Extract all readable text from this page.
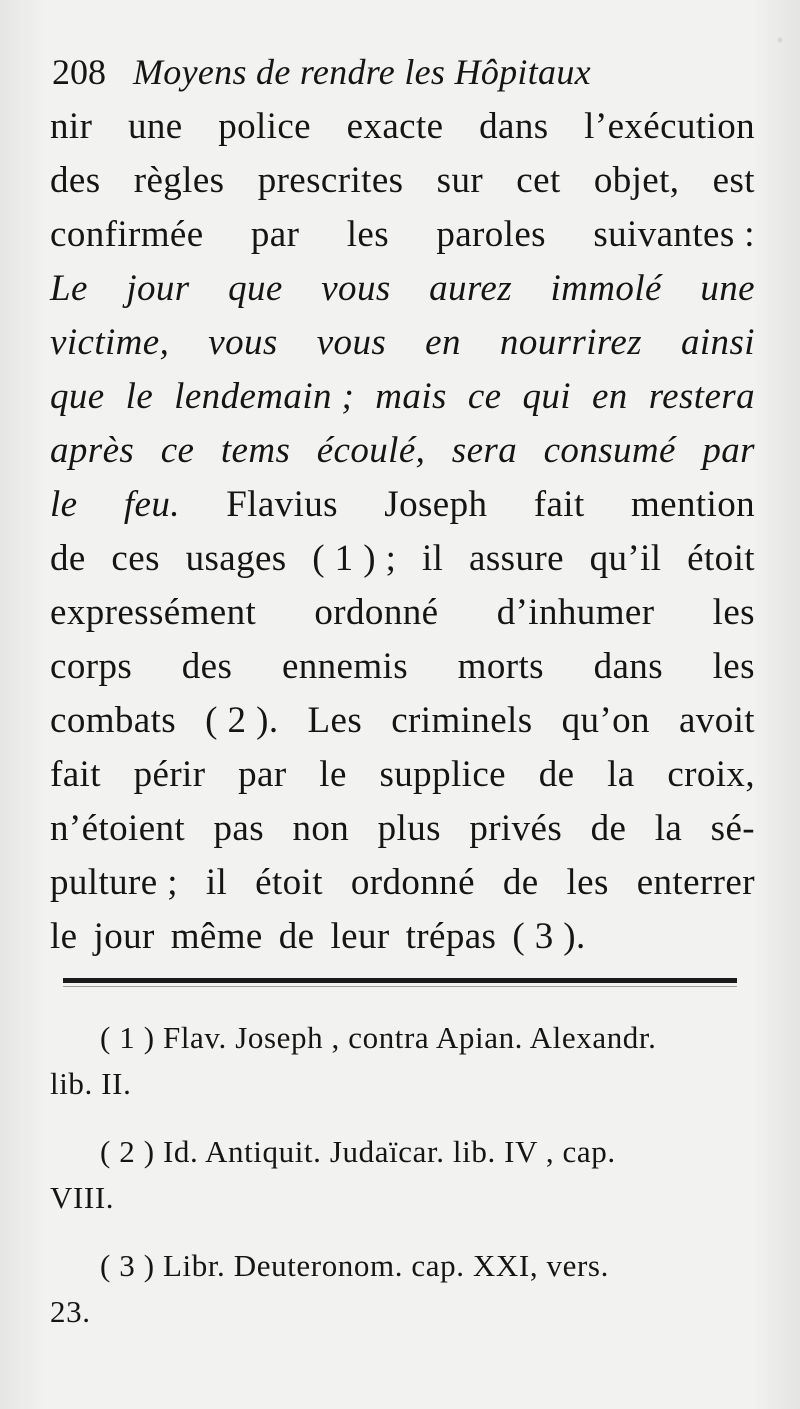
208 Moyens de rendre les Hôpitaux
nir une police exacte dans l’exécution
des règles prescrites sur cet objet, est
confirmée par les paroles suivantes :
Le jour que vous aurez immolé une
victime, vous vous en nourrirez ainsi
que le lendemain ; mais ce qui en restera
après ce tems écoulé, sera consumé par
le feu. Flavius Joseph fait mention
de ces usages ( 1 ) ; il assure qu’il étoit
expressément ordonné d’inhumer les
corps des ennemis morts dans les
combats ( 2 ). Les criminels qu’on avoit
fait périr par le supplice de la croix,
n’étoient pas non plus privés de la sé-
pulture ; il étoit ordonné de les enterrer
le jour même de leur trépas ( 3 ).
( 1 ) Flav. Joseph , contra Apian. Alexandr.
lib. II.
( 2 ) Id. Antiquit. Judaïcar. lib. IV , cap.
VIII.
( 3 ) Libr. Deuteronom. cap. XXI, vers.
23.
